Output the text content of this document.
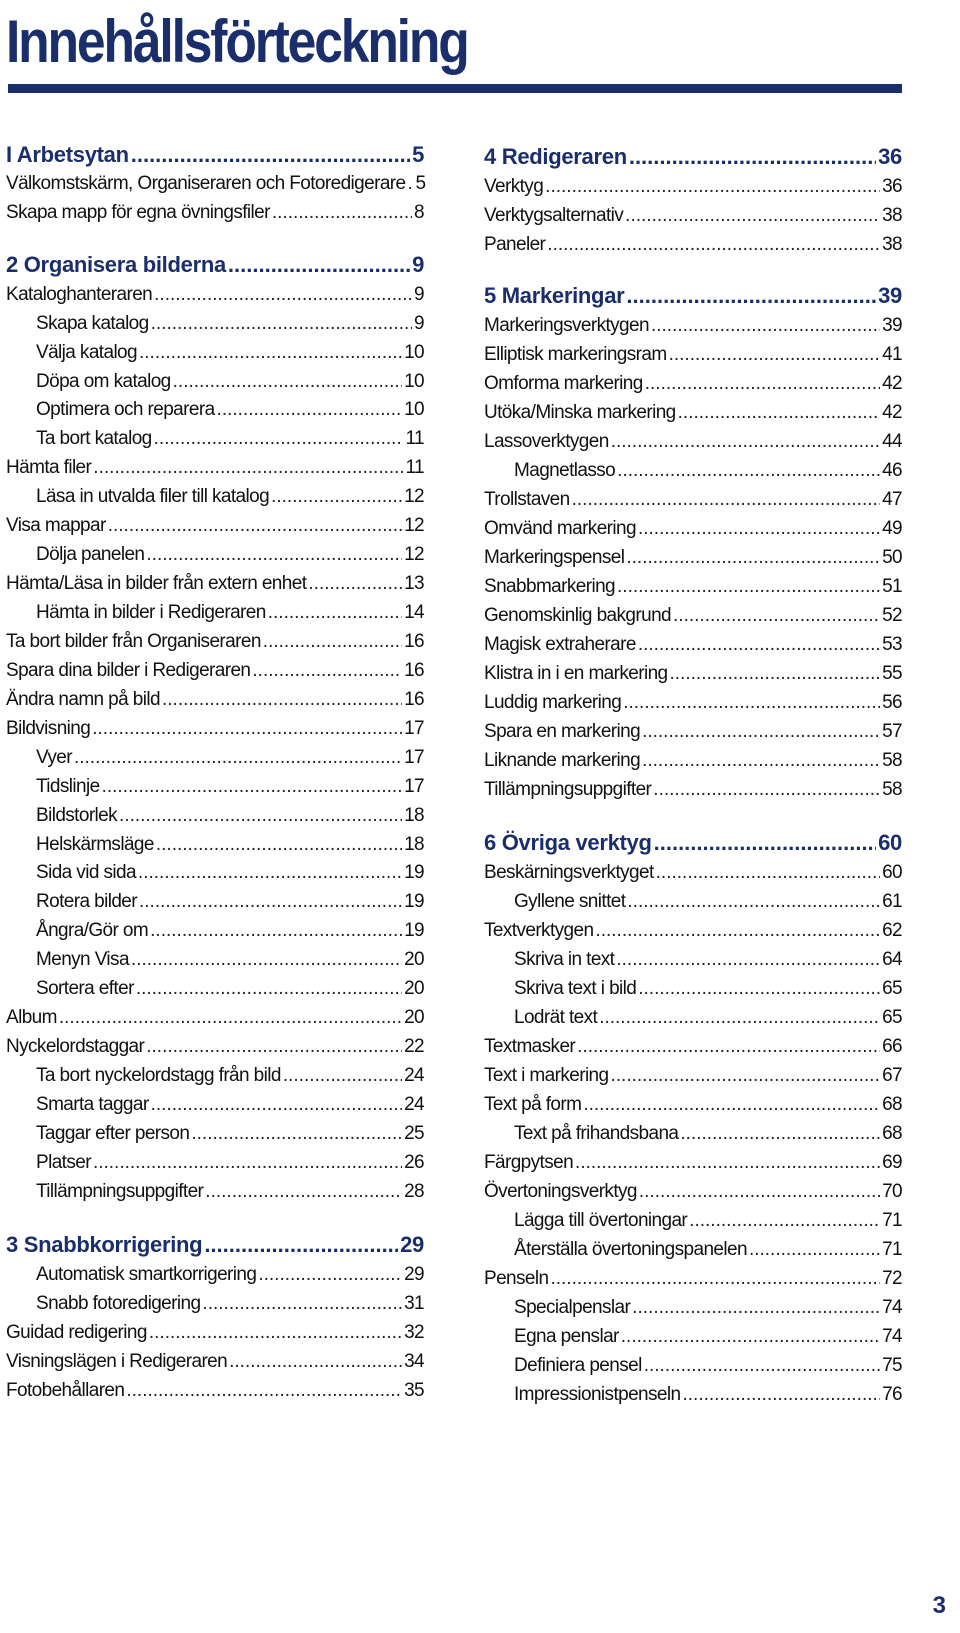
Innehållsförteckning
I Arbetsytan .....	5
Välkomstskärm, Organiseraren och Fotoredigerare ..... 5
Skapa mapp för egna övningsfiler .....	8
2 Organisera bilderna .....	9
Kataloghanteraren .....	9
Skapa katalog .....	9
Välja katalog .....	10
Döpa om katalog .....	10
Optimera och reparera .....	10
Ta bort katalog .....	11
Hämta filer .....	11
Läsa in utvalda filer till katalog .....	12
Visa mappar .....	12
Dölja panelen .....	12
Hämta/Läsa in bilder från extern enhet .....	13
Hämta in bilder i Redigeraren .....	14
Ta bort bilder från Organiseraren .....	16
Spara dina bilder i Redigeraren .....	16
Ändra namn på bild .....	16
Bildvisning .....	17
Vyer .....	17
Tidslinje .....	17
Bildstorlek .....	18
Helskärmsläge .....	18
Sida vid sida .....	19
Rotera bilder .....	19
Ångra/Gör om .....	19
Menyn Visa .....	20
Sortera efter .....	20
Album .....	20
Nyckelordstaggar .....	22
Ta bort nyckelordstagg från bild .....	24
Smarta taggar .....	24
Taggar efter person .....	25
Platser .....	26
Tillämpningsuppgifter .....	28
3 Snabbkorrigering .....	29
Automatisk smartkorrigering .....	29
Snabb fotoredigering .....	31
Guidad redigering .....	32
Visningslägen i Redigeraren .....	34
Fotobehållaren .....	35
4 Redigeraren .....	36
Verktyg .....	36
Verktygsalternativ .....	38
Paneler .....	38
5 Markeringar .....	39
Markeringsverktygen .....	39
Elliptisk markeringsram .....	41
Omforma markering .....	42
Utöka/Minska markering .....	42
Lassoverktygen .....	44
Magnetlasso .....	46
Trollstaven .....	47
Omvänd markering .....	49
Markeringspensel .....	50
Snabbmarkering .....	51
Genomskinlig bakgrund .....	52
Magisk extraherare .....	53
Klistra in i en markering .....	55
Luddig markering .....	56
Spara en markering .....	57
Liknande markering .....	58
Tillämpningsuppgifter .....	58
6 Övriga verktyg .....	60
Beskärningsverktyget .....	60
Gyllene snittet .....	61
Textverktygen .....	62
Skriva in text .....	64
Skriva text i bild .....	65
Lodrät text .....	65
Textmasker .....	66
Text i markering .....	67
Text på form .....	68
Text på frihandsbana .....	68
Färgpytsen .....	69
Övertoningsverktyg .....	70
Lägga till övertoningar .....	71
Återställa övertoningspanelen .....	71
Penseln .....	72
Specialpenslar .....	74
Egna penslar .....	74
Definiera pensel .....	75
Impressionistpenseln .....	76
3
